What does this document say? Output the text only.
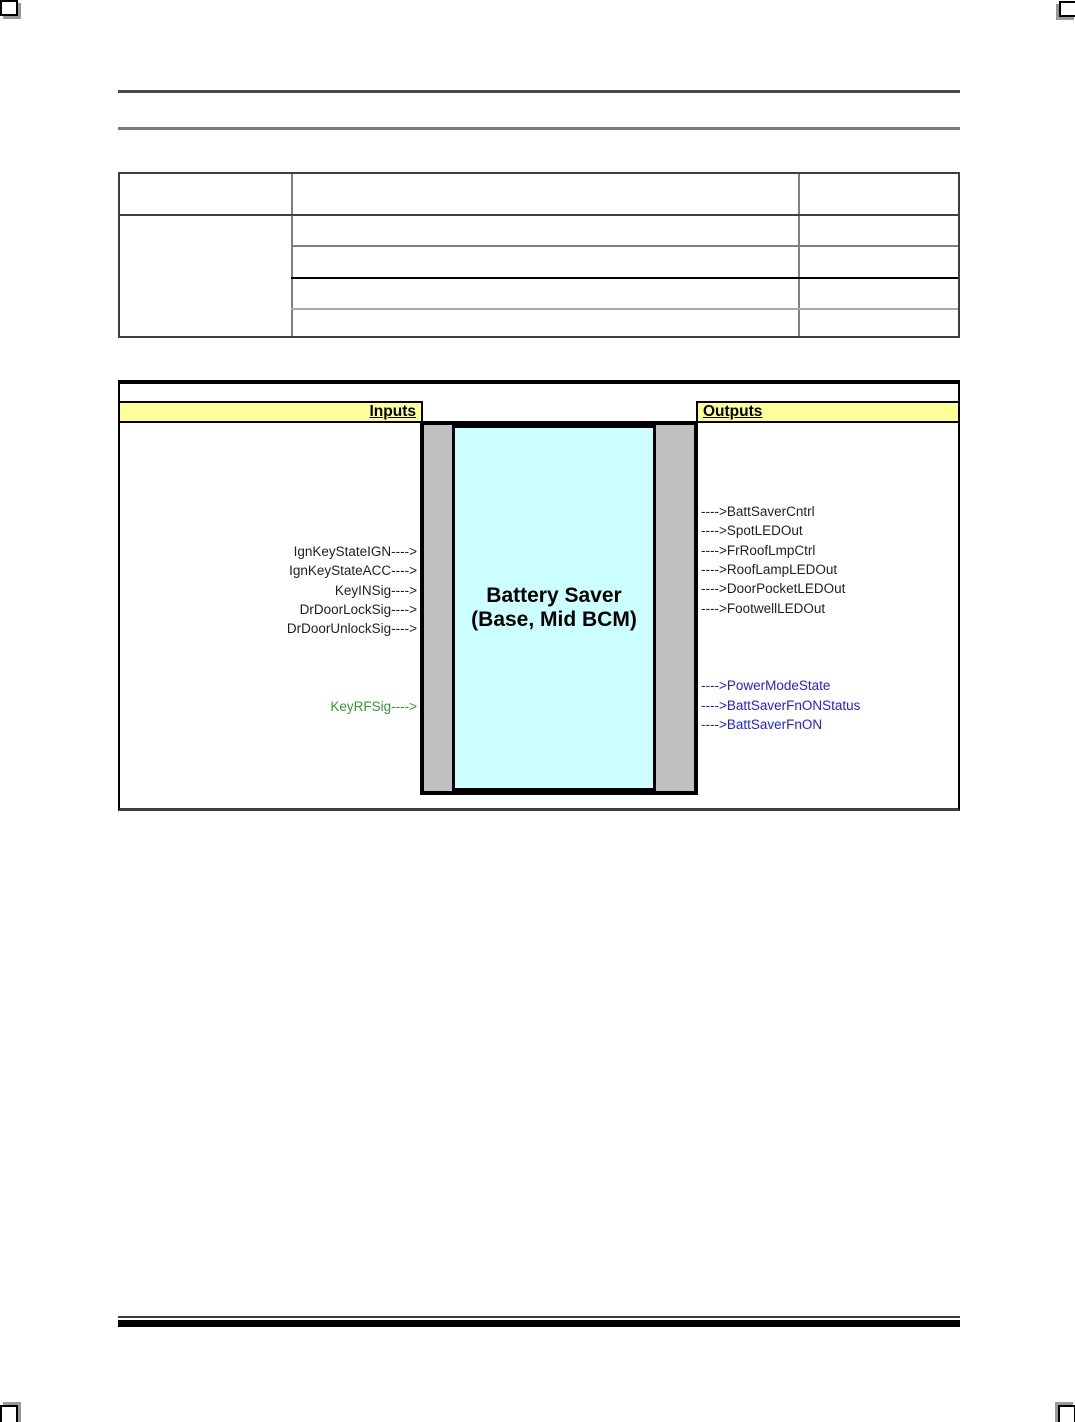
Inputs	Outputs
Battery Saver
(Base, Mid BCM)

IgnKeyStateIGN---->
IgnKeyStateACC---->
KeyINSig---->
DrDoorLockSig---->
DrDoorUnlockSig---->

KeyRFSig---->

---->BattSaverCntrl
---->SpotLEDOut
---->FrRoofLmpCtrl
---->RoofLampLEDOut
---->DoorPocketLEDOut
---->FootwellLEDOut

---->PowerModeState
---->BattSaverFnONStatus
---->BattSaverFnON
